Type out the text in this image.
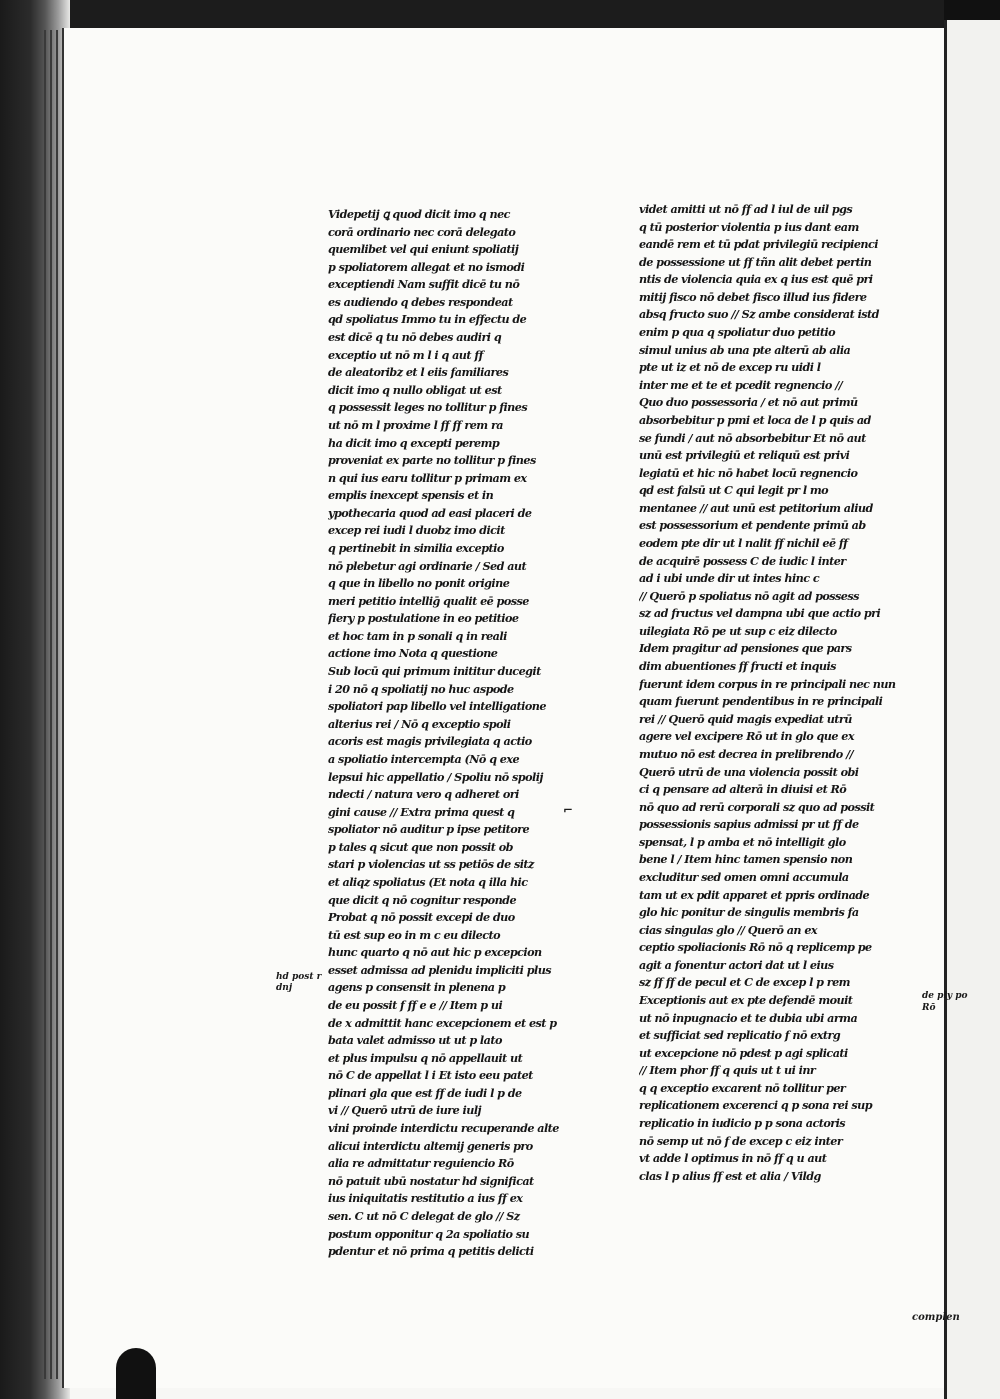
Videpetij ꝗ quod dicit imo q nec
corā ordinario nec corā delegato
quemlibet vel qui eniunt spoliatij
p spoliatorem allegat et no ismodi
exceptiendi Nam suffit dicē tu nō
es audiendo q debes respondeat
qd spoliatus Immo tu in effectu de
est dicē q tu nō debes audiri q
exceptio ut nō m l i q aut ff
de aleatoribz et l eiis familiares
dicit imo q nullo obligat ut est
q possessit leges no tollitur p fines
ut nō m l proxime l ff ff rem ra
ha dicit imo q excepti peremp
proveniat ex parte no tollitur p fines
n qui ius earu tollitur p primam ex
emplis inexcept spensis et in
ypothecaria quod ad easi placeri de
excep rei iudi l duobz imo dicit
q pertinebit in similia exceptio
nō plebetur agi ordinarie / Sed aut
q que in libello no ponit origine
meri petitio intelliḡ qualit eē posse
fiery p postulatione in eo petitioe
et hoc tam in p sonali q in reali
actione imo Nota q questione
Sub locū qui primum inititur ducegit
i 20 nō q spoliatij no huc aspode
spoliatori pap libello vel intelligatione
alterius rei / Nō q exceptio spoli
acoris est magis privilegiata q actio
a spoliatio intercempta (Nō q exe
lepsui hic appellatio / Spoliu nō spolij
ndecti / natura vero q adheret ori
gini cause // Extra prima quest q
spoliator nō auditur p ipse petitore
p tales q sicut que non possit ob
stari p violencias ut ss petiōs de sitz
et aliqz spoliatus (Et nota q illa hic
que dicit q nō cognitur responde
Probat q nō possit excepi de duo
tū est sup eo in m c eu dilecto
hunc quarto q nō aut hic p excepcion
esset admissa ad plenidu impliciti plus
agens p consensit in plenena p
de eu possit f ff e e // Item p ui
de x admittit hanc excepcionem et est p
bata valet admisso ut ut p lato
et plus impulsu q nō appellauit ut
nō C de appellat l i Et isto eeu patet
plinari gla que est ff de iudi l p de
vi // Querō utrū de iure iulj
vini proinde interdictu recuperande alte
alicui interdictu altemij generis pro
alia re admittatur reguiencio Rō
nō patuit ubū nostatur hd significat
ius iniquitatis restitutio a ius ff ex
sen. C ut nō C delegat de glo // Sz
postum opponitur q 2a spoliatio su
pdentur et nō prima q petitis delicti
videt amitti ut nō ff ad l iul de uil pgs
q tū posterior violentia p ius dant eam
eandē rem et tū pdat privilegiū recipienci
de possessione ut ff tñn alit debet pertin
ntis de violencia quia ex q ius est quē pri
mitij fisco nō debet fisco illud ius fidere
absq fructo suo // Sz ambe considerat istd
enim p qua q spoliatur duo petitio
simul unius ab una pte alterū ab alia
pte ut iz et nō de excep ru uidi l
inter me et te et pcedit regnencio //
Quo duo possessoria / et nō aut primū
absorbebitur p pmi et loca de l p quis ad
se fundi / aut nō absorbebitur Et nō aut
unū est privilegiū et reliquū est privi
legiatū et hic nō habet locū regnencio
qd est falsū ut C qui legit pr l mo
mentanee // aut unū est petitorium aliud
est possessorium et pendente primū ab
eodem pte dir ut l nalit ff nichil eē ff
de acquirē possess C de iudic l inter
ad i ubi unde dir ut intes hinc c
// Querō p spoliatus nō agit ad possess
sz ad fructus vel dampna ubi que actio pri
uilegiata Rō pe ut sup c eiz dilecto
Idem pragitur ad pensiones que pars
dim abuentiones ff fructi et inquis
fuerunt idem corpus in re principali nec nun
quam fuerunt pendentibus in re principali
rei // Querō quid magis expediat utrū
agere vel excipere Rō ut in glo que ex
mutuo nō est decrea in prelibrendo //
Querō utrū de una violencia possit obi
ci q pensare ad alterā in diuisi et Rō
nō quo ad rerū corporali sz quo ad possit
possessionis sapius admissi pr ut ff de
spensat, l p amba et nō intelligit glo
bene l / Item hinc tamen spensio non
excluditur sed omen omni accumula
tam ut ex pdit apparet et ppris ordinade
glo hic ponitur de singulis membris fa
cias singulas glo // Querō an ex
ceptio spoliacionis Rō nō q replicemp pe
agit a fonentur actori dat ut l eius
sz ff ff de pecul et C de excep l p rem
Exceptionis aut ex pte defendē mouit
ut nō inpugnacio et te dubia ubi arma
et sufficiat sed replicatio f nō extrg
ut excepcione nō pdest p agi splicati
// Item phor ff q quis ut t ui inr
q q exceptio excarent nō tollitur per
replicationem excerenci q p sona rei sup
replicatio in iudicio p p sona actoris
nō semp ut nō f de excep c eiz inter
vt adde l optimus in nō ff q u aut
clas l p alius ff est et alia / Vildg
hd post r
dnj
⌐
de ply po
Rō
complen
